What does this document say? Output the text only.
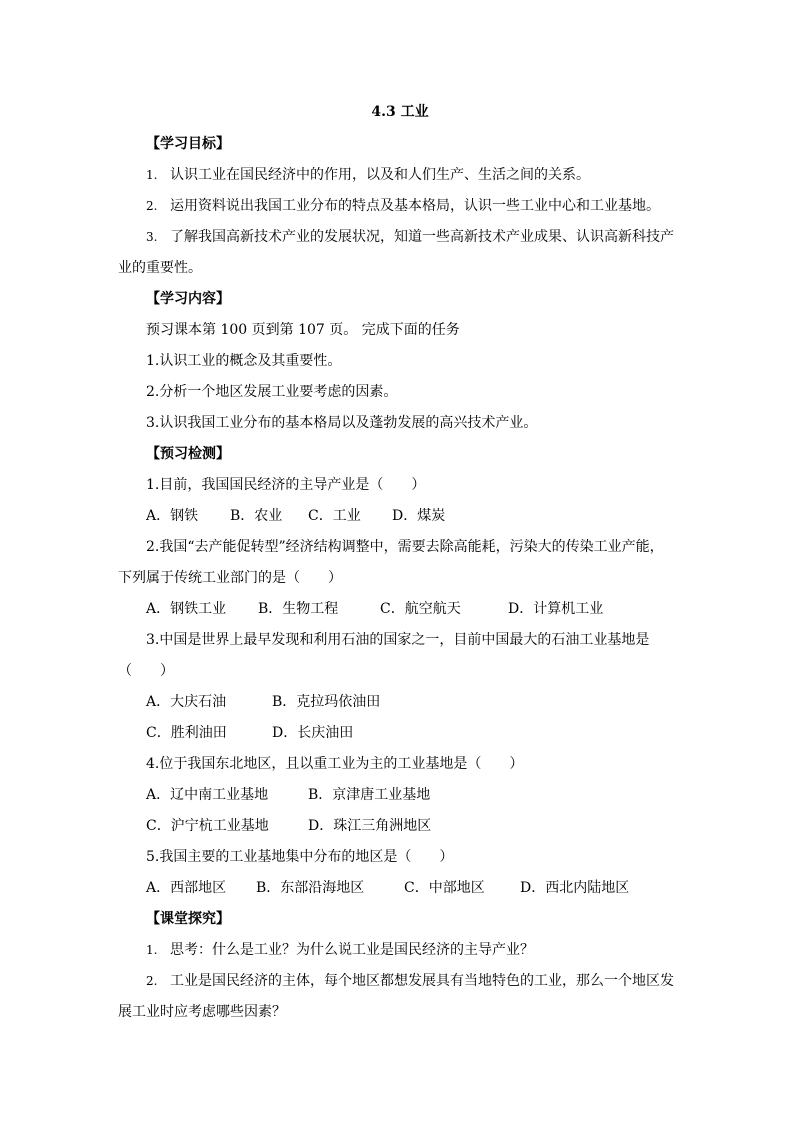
4.3 工业
【学习目标】
1. 认识工业在国民经济中的作用，以及和人们生产、生活之间的关系。
2. 运用资料说出我国工业分布的特点及基本格局，认识一些工业中心和工业基地。
3. 了解我国高新技术产业的发展状况，知道一些高新技术产业成果、认识高新科技产
业的重要性。
【学习内容】
预习课本第 100 页到第 107 页。 完成下面的任务
1.认识工业的概念及其重要性。
2.分析一个地区发展工业要考虑的因素。
3.认识我国工业分布的基本格局以及蓬勃发展的高兴技术产业。
【预习检测】
1.目前，我国国民经济的主导产业是（　　）
A．钢铁 B．农业 C．工业 D．煤炭
2.我国“去产能促转型”经济结构调整中，需要去除高能耗，污染大的传染工业产能，
下列属于传统工业部门的是（　　）
A．钢铁工业 B．生物工程	C．航空航天	D．计算机工业
3.中国是世界上最早发现和利用石油的国家之一，目前中国最大的石油工业基地是
（　　）
A．大庆石油	B．克拉玛依油田
C．胜利油田	D．长庆油田
4.位于我国东北地区，且以重工业为主的工业基地是（　　）
A．辽中南工业基地	B．京津唐工业基地
C．沪宁杭工业基地	D．珠江三角洲地区
5.我国主要的工业基地集中分布的地区是（　　）
A．西部地区 B．东部沿海地区	C．中部地区	D．西北内陆地区
【课堂探究】
1. 思考：什么是工业？为什么说工业是国民经济的主导产业？
2. 工业是国民经济的主体，每个地区都想发展具有当地特色的工业，那么一个地区发
展工业时应考虑哪些因素？
